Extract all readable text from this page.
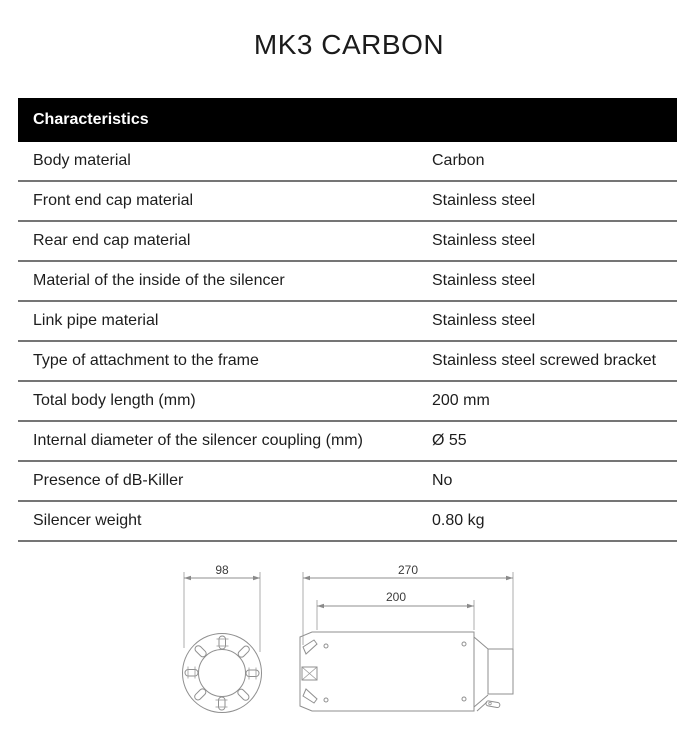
MK3 CARBON
Characteristics
Body material	Carbon
Front end cap material	Stainless steel
Rear end cap material	Stainless steel
Material of the inside of the silencer	Stainless steel
Link pipe material	Stainless steel
Type of attachment to the frame	Stainless steel screwed bracket
Total body length (mm)	200 mm
Internal diameter of the silencer coupling (mm)	Ø 55
Presence of dB-Killer	No
Silencer weight	0.80 kg
98	270
200
